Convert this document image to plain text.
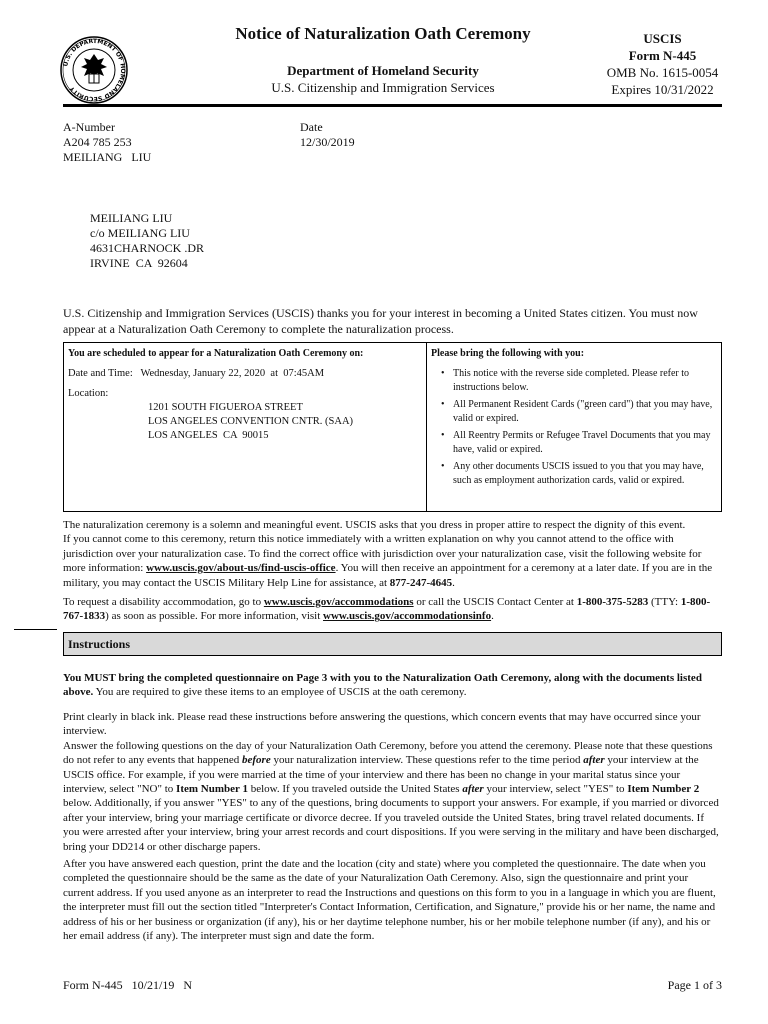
U.S. DEPARTMENT OF HOMELAND SECURITY
Notice of Naturalization Oath Ceremony
Department of Homeland Security
U.S. Citizenship and Immigration Services
USCIS
Form N-445
OMB No. 1615-0054
Expires 10/31/2022
A-Number
A204 785 253
MEILIANG   LIU
Date
12/30/2019
MEILIANG LIU
c/o MEILIANG LIU
4631CHARNOCK .DR
IRVINE  CA  92604
U.S. Citizenship and Immigration Services (USCIS) thanks you for your interest in becoming a United States citizen. You must now appear at a Naturalization Oath Ceremony to complete the naturalization process.
You are scheduled to appear for a Naturalization Oath Ceremony on:
Date and Time: Wednesday, January 22, 2020  at  07:45AM
Location:
1201 SOUTH FIGUEROA STREET
LOS ANGELES CONVENTION CNTR. (SAA)
LOS ANGELES  CA  90015
Please bring the following with you:
• This notice with the reverse side completed. Please refer to instructions below.
• All Permanent Resident Cards ("green card") that you may have, valid or expired.
• All Reentry Permits or Refugee Travel Documents that you may have, valid or expired.
• Any other documents USCIS issued to you that you may have, such as employment authorization cards, valid or expired.
The naturalization ceremony is a solemn and meaningful event. USCIS asks that you dress in proper attire to respect the dignity of this event.
If you cannot come to this ceremony, return this notice immediately with a written explanation on why you cannot attend to the office with jurisdiction over your naturalization case. To find the correct office with jurisdiction over your naturalization case, visit the following website for more information: www.uscis.gov/about-us/find-uscis-office. You will then receive an appointment for a ceremony at a later date. If you are in the military, you may contact the USCIS Military Help Line for assistance, at 877-247-4645.
To request a disability accommodation, go to www.uscis.gov/accommodations or call the USCIS Contact Center at 1-800-375-5283 (TTY: 1-800-767-1833) as soon as possible. For more information, visit www.uscis.gov/accommodationsinfo.
Instructions
You MUST bring the completed questionnaire on Page 3 with you to the Naturalization Oath Ceremony, along with the documents listed above. You are required to give these items to an employee of USCIS at the oath ceremony.
Print clearly in black ink. Please read these instructions before answering the questions, which concern events that may have occurred since your interview.
Answer the following questions on the day of your Naturalization Oath Ceremony, before you attend the ceremony. Please note that these questions do not refer to any events that happened before your naturalization interview. These questions refer to the time period after your interview at the USCIS office. For example, if you were married at the time of your interview and there has been no change in your marital status since your interview, select "NO" to Item Number 1 below. If you traveled outside the United States after your interview, select "YES" to Item Number 2 below. Additionally, if you answer "YES" to any of the questions, bring documents to support your answers. For example, if you married or divorced after your interview, bring your marriage certificate or divorce decree. If you traveled outside the United States, bring travel related documents. If you were arrested after your interview, bring your arrest records and court dispositions. If you were serving in the military and have been discharged, bring your DD214 or other discharge papers.
After you have answered each question, print the date and the location (city and state) where you completed the questionnaire. The date when you completed the questionnaire should be the same as the date of your Naturalization Oath Ceremony. Also, sign the questionnaire and print your current address. If you used anyone as an interpreter to read the Instructions and questions on this form to you in a language in which you are fluent, the interpreter must fill out the section titled "Interpreter's Contact Information, Certification, and Signature," provide his or her name, the name and address of his or her business or organization (if any), his or her daytime telephone number, his or her mobile telephone number (if any), and his or her email address (if any). The interpreter must sign and date the form.
Form N-445   10/21/19   N	Page 1 of 3
